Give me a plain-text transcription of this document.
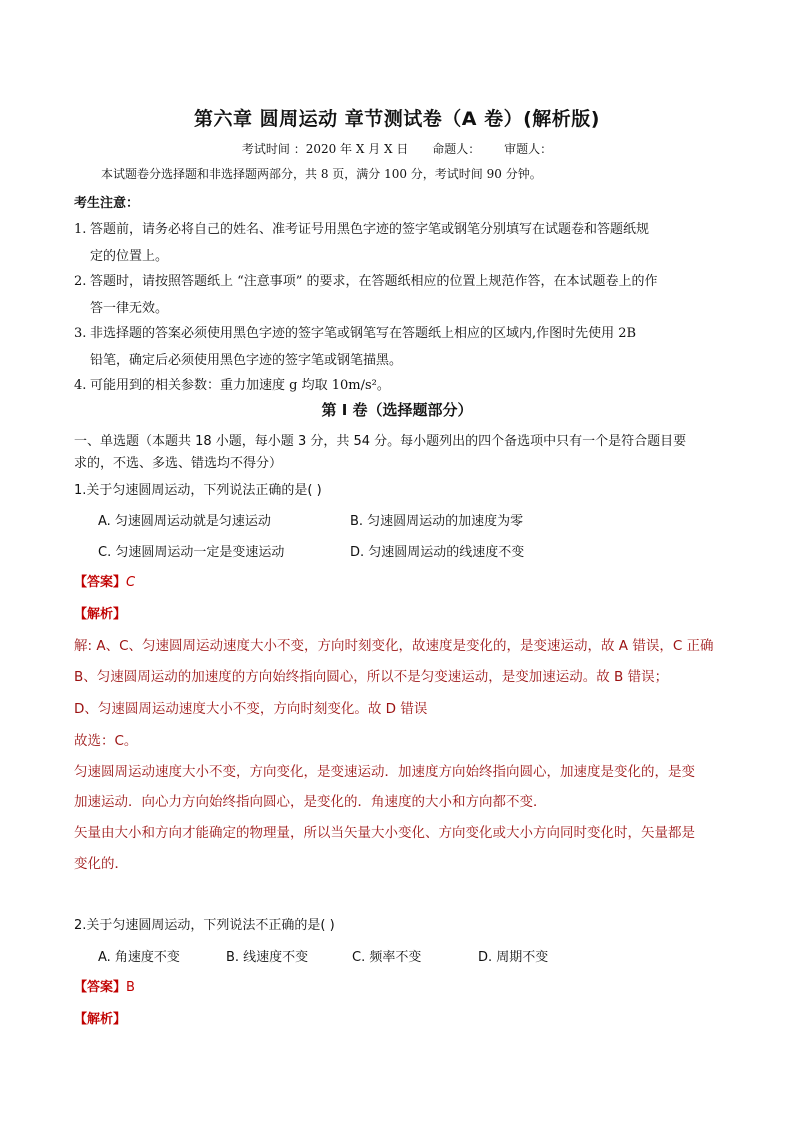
第六章 圆周运动 章节测试卷（A 卷）(解析版)
考试时间 ：2020 年 X 月 X 日 命题人： 审题人：
本试题卷分选择题和非选择题两部分，共 8 页，满分 100 分，考试时间 90 分钟。
考生注意：
1. 答题前，请务必将自己的姓名、准考证号用黑色字迹的签字笔或钢笔分别填写在试题卷和答题纸规
定的位置上。
2. 答题时，请按照答题纸上 “注意事项” 的要求，在答题纸相应的位置上规范作答，在本试题卷上的作
答一律无效。
3. 非选择题的答案必须使用黑色字迹的签字笔或钢笔写在答题纸上相应的区域内,作图时先使用 2B
铅笔，确定后必须使用黑色字迹的签字笔或钢笔描黑。
4. 可能用到的相关参数：重力加速度 g 均取 10m/s²。
第 I 卷（选择题部分）
一、单选题（本题共 18 小题，每小题 3 分，共 54 分。每小题列出的四个备选项中只有一个是符合题目要
求的，不选、多选、错选均不得分）
1.关于匀速圆周运动，下列说法正确的是( )
A. 匀速圆周运动就是匀速运动	B. 匀速圆周运动的加速度为零
C. 匀速圆周运动一定是变速运动	D. 匀速圆周运动的线速度不变
【答案】C
【解析】
解: A、C、匀速圆周运动速度大小不变，方向时刻变化，故速度是变化的，是变速运动，故 A 错误，C 正确
B、匀速圆周运动的加速度的方向始终指向圆心，所以不是匀变速运动，是变加速运动。故 B 错误；
D、匀速圆周运动速度大小不变，方向时刻变化。故 D 错误
故选：C。
匀速圆周运动速度大小不变，方向变化，是变速运动．加速度方向始终指向圆心，加速度是变化的，是变
加速运动．向心力方向始终指向圆心，是变化的．角速度的大小和方向都不变．
矢量由大小和方向才能确定的物理量，所以当矢量大小变化、方向变化或大小方向同时变化时，矢量都是
变化的．
2.关于匀速圆周运动，下列说法不正确的是( )
A. 角速度不变	B. 线速度不变	C. 频率不变	D. 周期不变
【答案】B
【解析】
